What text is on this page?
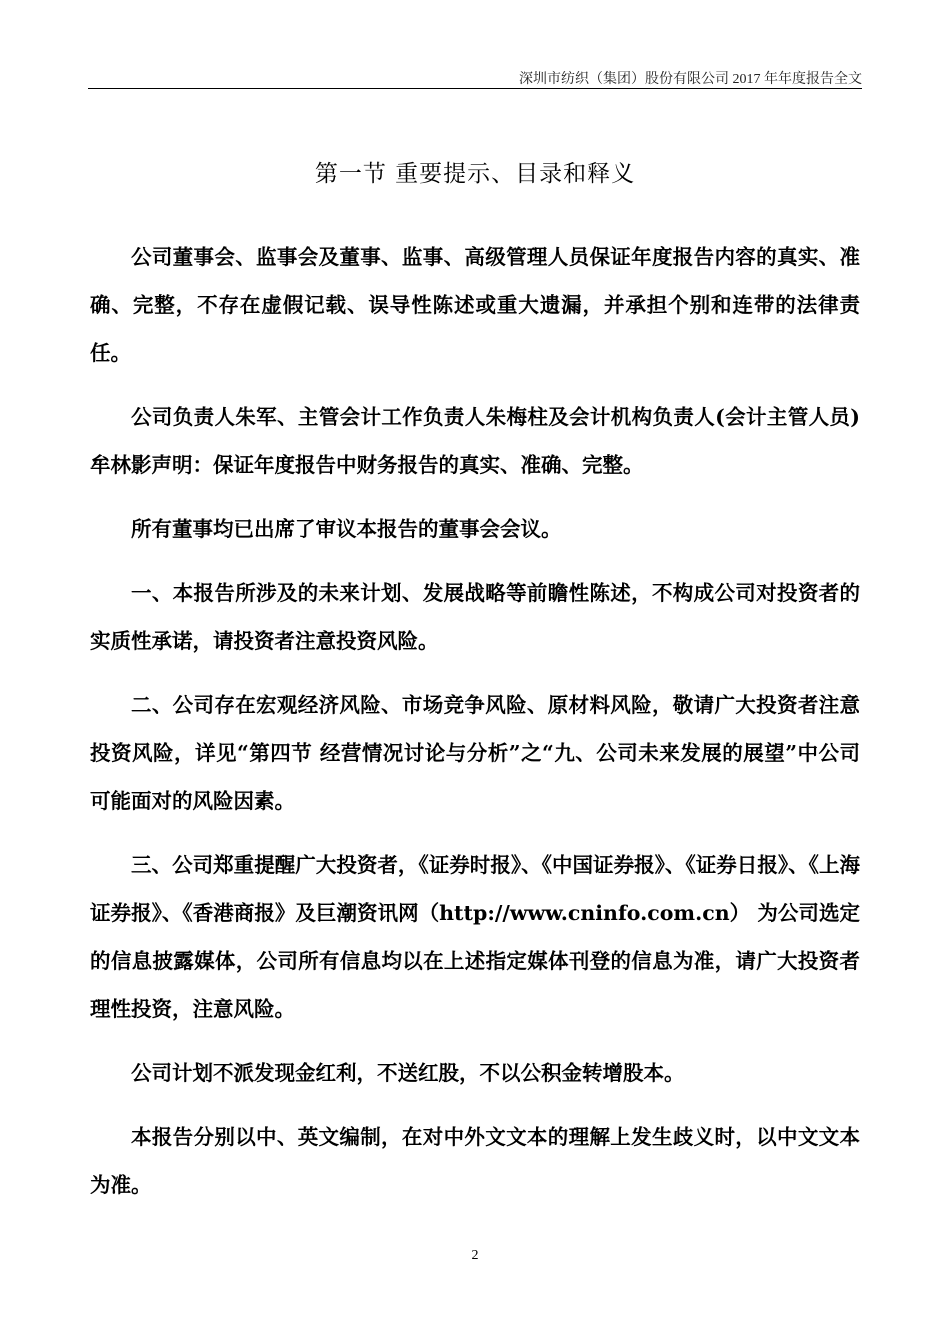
深圳市纺织（集团）股份有限公司 2017 年年度报告全文
第一节 重要提示、目录和释义

公司董事会、监事会及董事、监事、高级管理人员保证年度报告内容的真实、准确、完整，不存在虚假记载、误导性陈述或重大遗漏，并承担个别和连带的法律责任。

公司负责人朱军、主管会计工作负责人朱梅柱及会计机构负责人(会计主管人员)牟林影声明：保证年度报告中财务报告的真实、准确、完整。

所有董事均已出席了审议本报告的董事会会议。

一、本报告所涉及的未来计划、发展战略等前瞻性陈述，不构成公司对投资者的实质性承诺，请投资者注意投资风险。

二、公司存在宏观经济风险、市场竞争风险、原材料风险，敬请广大投资者注意投资风险，详见“第四节 经营情况讨论与分析”之“九、公司未来发展的展望”中公司可能面对的风险因素。

三、公司郑重提醒广大投资者，《证券时报》、《中国证券报》、《证券日报》、《上海证券报》、《香港商报》及巨潮资讯网（http://www.cninfo.com.cn） 为公司选定的信息披露媒体，公司所有信息均以在上述指定媒体刊登的信息为准，请广大投资者理性投资，注意风险。

公司计划不派发现金红利，不送红股，不以公积金转增股本。

本报告分别以中、英文编制，在对中外文文本的理解上发生歧义时，以中文文本为准。

2
